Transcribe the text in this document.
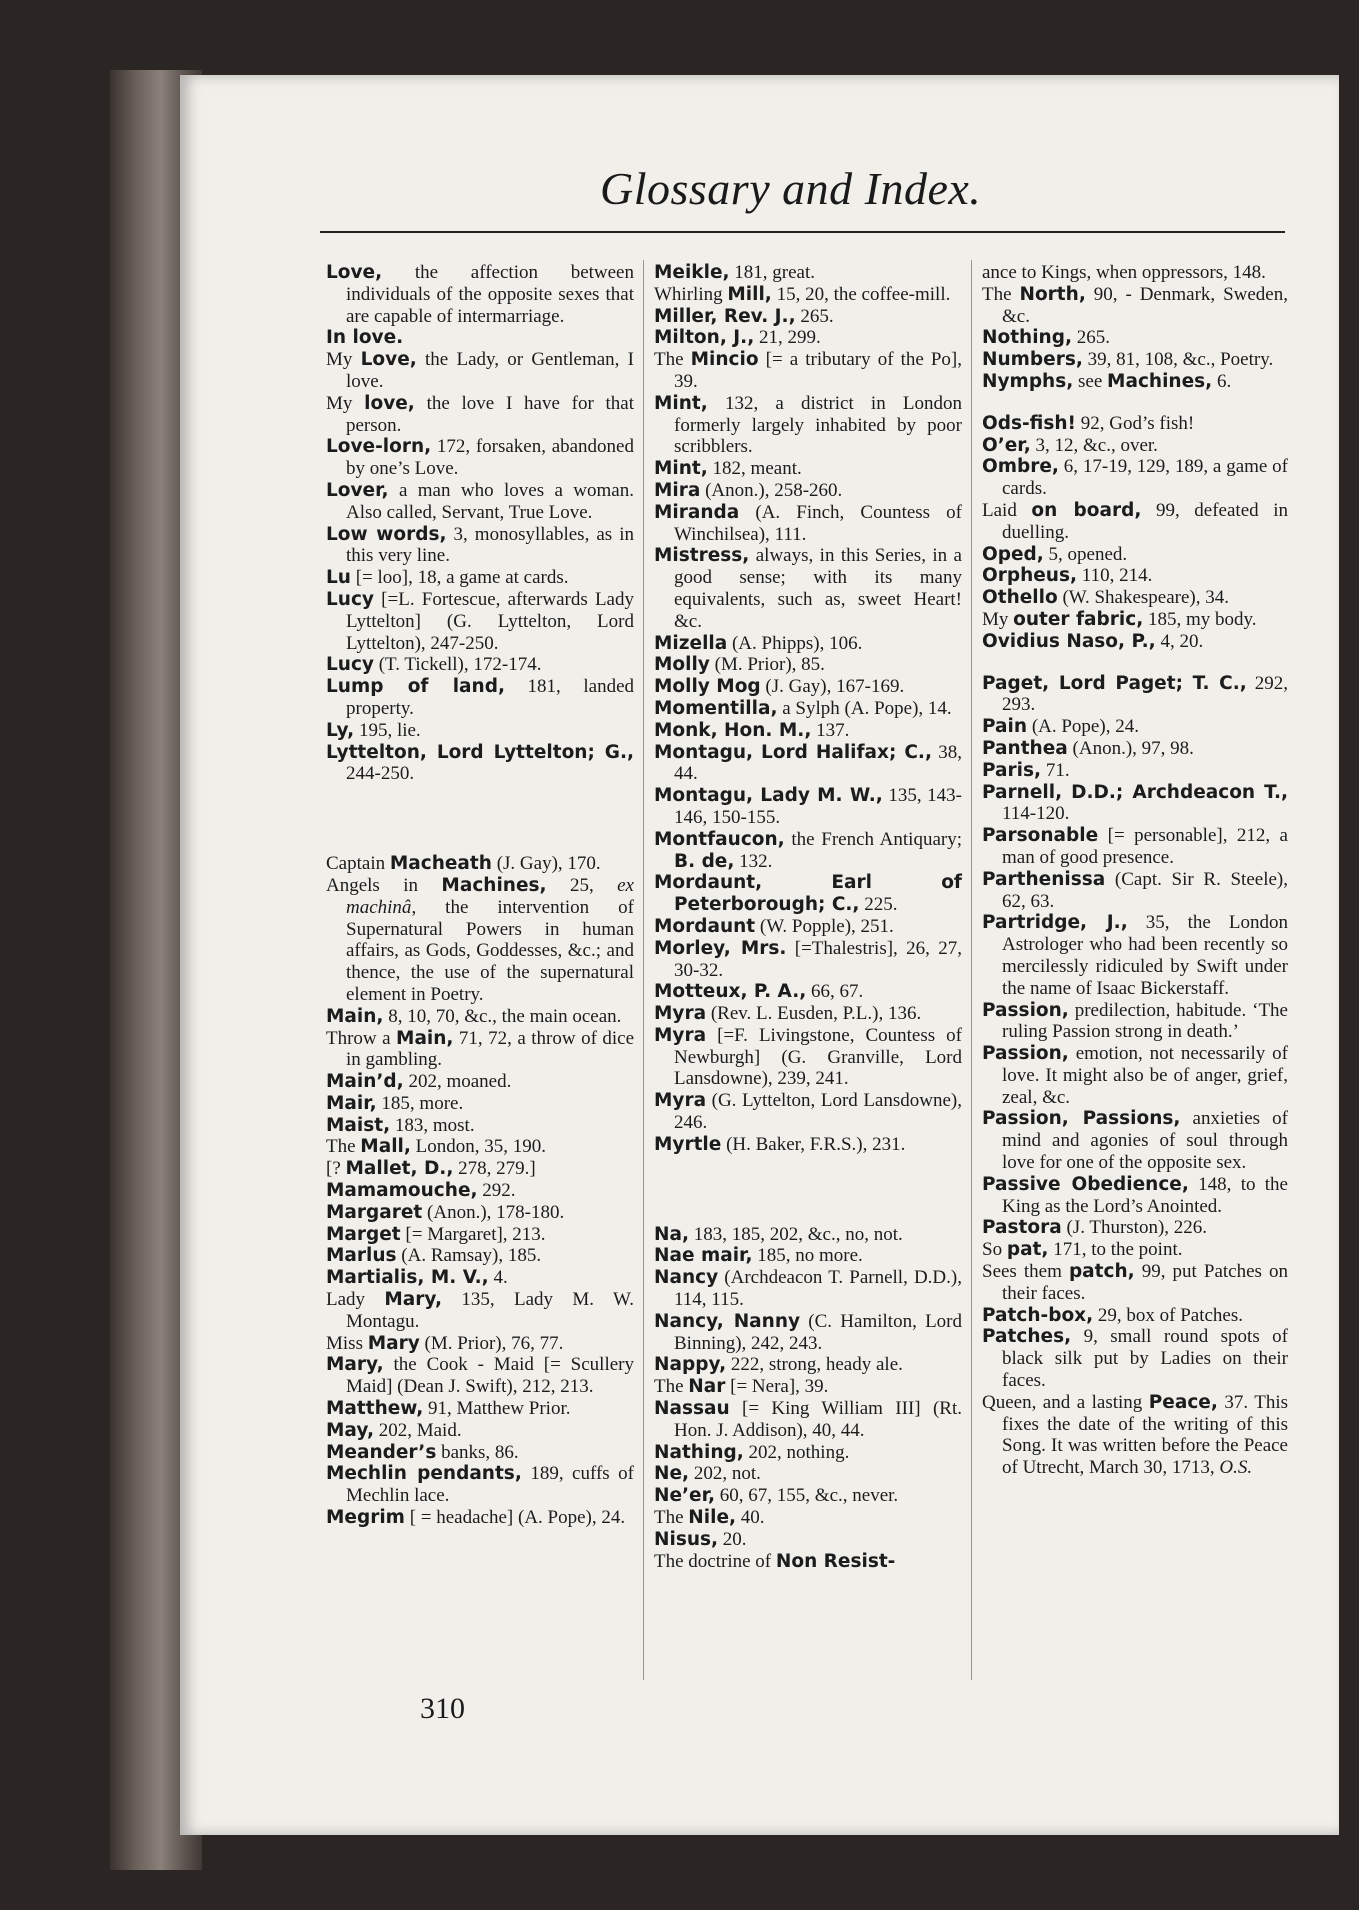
Glossary and Index.
Love, the affection between individuals of the opposite sexes that are capable of intermarriage.
In love.
My Love, the Lady, or Gentleman, I love.
My love, the love I have for that person.
Love-lorn, 172, forsaken, abandoned by one’s Love.
Lover, a man who loves a woman. Also called, Servant, True Love.
Low words, 3, monosyllables, as in this very line.
Lu [= loo], 18, a game at cards.
Lucy [=L. Fortescue, afterwards Lady Lyttelton] (G. Lyttelton, Lord Lyttelton), 247-250.
Lucy (T. Tickell), 172-174.
Lump of land, 181, landed property.
Ly, 195, lie.
Lyttelton, Lord Lyttelton; G., 244-250.
Captain Macheath (J. Gay), 170.
Angels in Machines, 25, ex machinâ, the intervention of Supernatural Powers in human affairs, as Gods, Goddesses, &c.; and thence, the use of the supernatural element in Poetry.
Main, 8, 10, 70, &c., the main ocean.
Throw a Main, 71, 72, a throw of dice in gambling.
Main’d, 202, moaned.
Mair, 185, more.
Maist, 183, most.
The Mall, London, 35, 190.
[? Mallet, D., 278, 279.]
Mamamouche, 292.
Margaret (Anon.), 178-180.
Marget [= Margaret], 213.
Marlus (A. Ramsay), 185.
Martialis, M. V., 4.
Lady Mary, 135, Lady M. W. Montagu.
Miss Mary (M. Prior), 76, 77.
Mary, the Cook - Maid [= Scullery Maid] (Dean J. Swift), 212, 213.
Matthew, 91, Matthew Prior.
May, 202, Maid.
Meander’s banks, 86.
Mechlin pendants, 189, cuffs of Mechlin lace.
Megrim [ = headache] (A. Pope), 24.
Meikle, 181, great.
Whirling Mill, 15, 20, the coffee-mill.
Miller, Rev. J., 265.
Milton, J., 21, 299.
The Mincio [= a tributary of the Po], 39.
Mint, 132, a district in London formerly largely inhabited by poor scribblers.
Mint, 182, meant.
Mira (Anon.), 258-260.
Miranda (A. Finch, Countess of Winchilsea), 111.
Mistress, always, in this Series, in a good sense; with its many equivalents, such as, sweet Heart! &c.
Mizella (A. Phipps), 106.
Molly (M. Prior), 85.
Molly Mog (J. Gay), 167-169.
Momentilla, a Sylph (A. Pope), 14.
Monk, Hon. M., 137.
Montagu, Lord Halifax; C., 38, 44.
Montagu, Lady M. W., 135, 143-146, 150-155.
Montfaucon, the French Antiquary; B. de, 132.
Mordaunt, Earl of Peterborough; C., 225.
Mordaunt (W. Popple), 251.
Morley, Mrs. [=Thalestris], 26, 27, 30-32.
Motteux, P. A., 66, 67.
Myra (Rev. L. Eusden, P.L.), 136.
Myra [=F. Livingstone, Countess of Newburgh] (G. Granville, Lord Lansdowne), 239, 241.
Myra (G. Lyttelton, Lord Lansdowne), 246.
Myrtle (H. Baker, F.R.S.), 231.
Na, 183, 185, 202, &c., no, not.
Nae mair, 185, no more.
Nancy (Archdeacon T. Parnell, D.D.), 114, 115.
Nancy, Nanny (C. Hamilton, Lord Binning), 242, 243.
Nappy, 222, strong, heady ale.
The Nar [= Nera], 39.
Nassau [= King William III] (Rt. Hon. J. Addison), 40, 44.
Nathing, 202, nothing.
Ne, 202, not.
Ne’er, 60, 67, 155, &c., never.
The Nile, 40.
Nisus, 20.
The doctrine of Non Resist-
ance to Kings, when oppressors, 148.
The North, 90, - Denmark, Sweden, &c.
Nothing, 265.
Numbers, 39, 81, 108, &c., Poetry.
Nymphs, see Machines, 6.
Ods-fish! 92, God’s fish!
O’er, 3, 12, &c., over.
Ombre, 6, 17-19, 129, 189, a game of cards.
Laid on board, 99, defeated in duelling.
Oped, 5, opened.
Orpheus, 110, 214.
Othello (W. Shakespeare), 34.
My outer fabric, 185, my body.
Ovidius Naso, P., 4, 20.
Paget, Lord Paget; T. C., 292, 293.
Pain (A. Pope), 24.
Panthea (Anon.), 97, 98.
Paris, 71.
Parnell, D.D.; Archdeacon T., 114-120.
Parsonable [= personable], 212, a man of good presence.
Parthenissa (Capt. Sir R. Steele), 62, 63.
Partridge, J., 35, the London Astrologer who had been recently so mercilessly ridiculed by Swift under the name of Isaac Bickerstaff.
Passion, predilection, habitude. ‘The ruling Passion strong in death.’
Passion, emotion, not necessarily of love. It might also be of anger, grief, zeal, &c.
Passion, Passions, anxieties of mind and agonies of soul through love for one of the opposite sex.
Passive Obedience, 148, to the King as the Lord’s Anointed.
Pastora (J. Thurston), 226.
So pat, 171, to the point.
Sees them patch, 99, put Patches on their faces.
Patch-box, 29, box of Patches.
Patches, 9, small round spots of black silk put by Ladies on their faces.
Queen, and a lasting Peace, 37. This fixes the date of the writing of this Song. It was written before the Peace of Utrecht, March 30, 1713, O.S.
310
